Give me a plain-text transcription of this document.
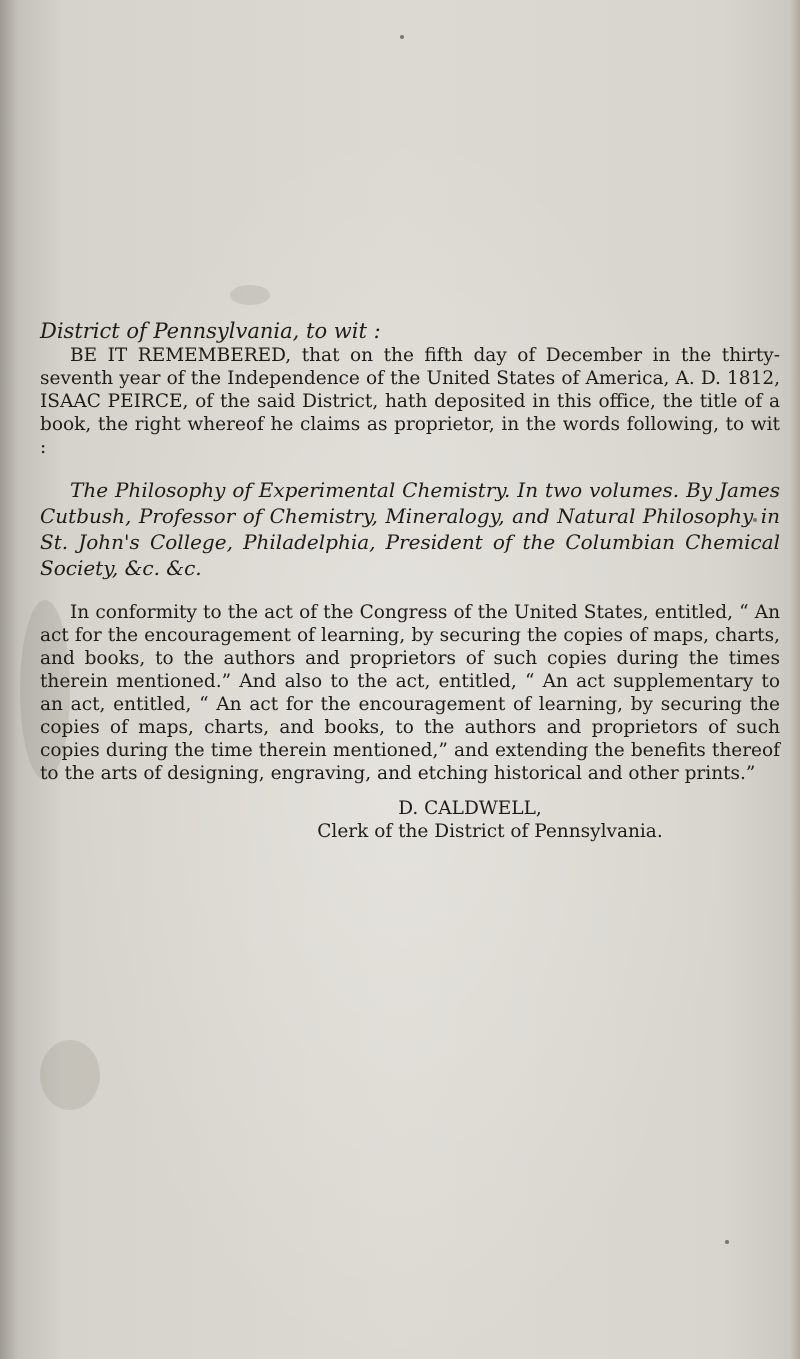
District of Pennsylvania, to wit :

BE IT REMEMBERED, that on the fifth day of December in the thirty-seventh year of the Independence of the United States of America, A. D. 1812, ISAAC PEIRCE, of the said District, hath deposited in this office, the title of a book, the right whereof he claims as proprietor, in the words following, to wit :

The Philosophy of Experimental Chemistry. In two volumes. By James Cutbush, Professor of Chemistry, Mineralogy, and Natural Philosophy in St. John's College, Philadelphia, President of the Columbian Chemical Society, &c. &c.

In conformity to the act of the Congress of the United States, entitled, “ An act for the encouragement of learning, by securing the copies of maps, charts, and books, to the authors and proprietors of such copies during the times therein mentioned.” And also to the act, entitled, “ An act supplementary to an act, entitled, “ An act for the encouragement of learning, by securing the copies of maps, charts, and books, to the authors and proprietors of such copies during the time therein mentioned,” and extending the benefits thereof to the arts of designing, engraving, and etching historical and other prints.”

D. CALDWELL,
Clerk of the District of Pennsylvania.
